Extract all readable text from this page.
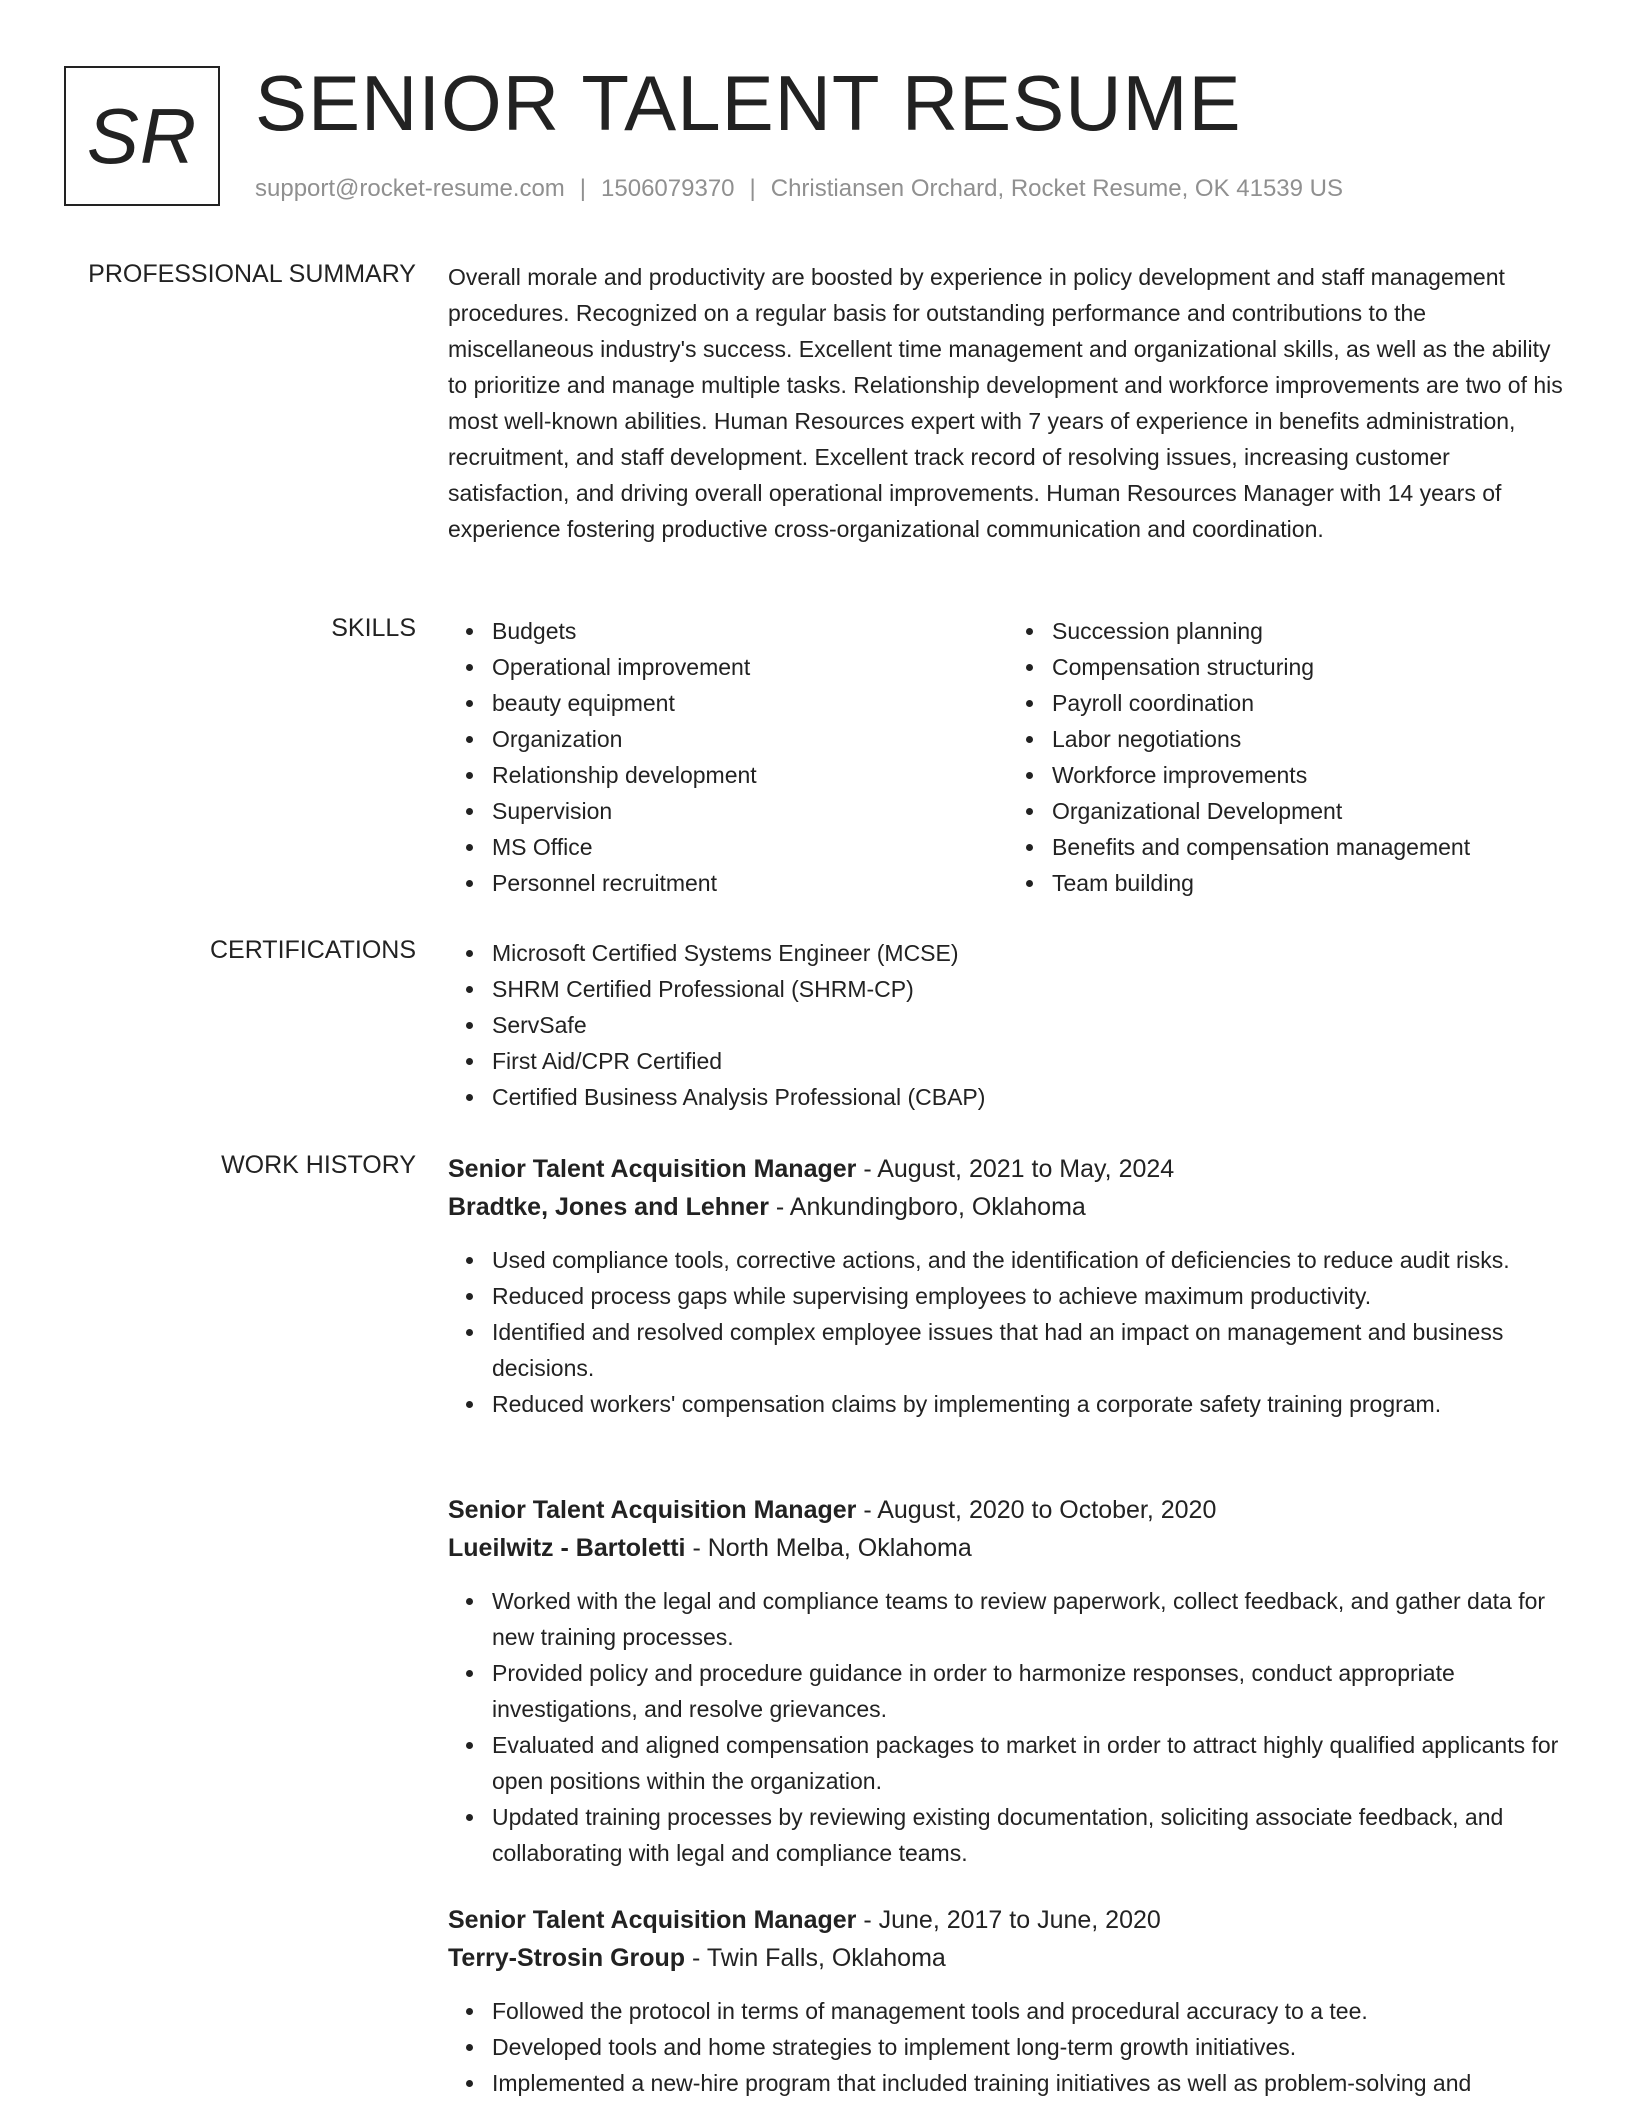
SR SENIOR TALENT RESUME
support@rocket-resume.com | 1506079370 | Christiansen Orchard, Rocket Resume, OK 41539 US
PROFESSIONAL SUMMARY Overall morale and productivity are boosted by experience in policy development and staff management procedures. Recognized on a regular basis for outstanding performance and contributions to the miscellaneous industry's success. Excellent time management and organizational skills, as well as the ability to prioritize and manage multiple tasks. Relationship development and workforce improvements are two of his most well-known abilities. Human Resources expert with 7 years of experience in benefits administration, recruitment, and staff development. Excellent track record of resolving issues, increasing customer satisfaction, and driving overall operational improvements. Human Resources Manager with 14 years of experience fostering productive cross-organizational communication and coordination.

SKILLS	Budgets
Operational improvement
beauty equipment
Organization
Relationship development
Supervision
MS Office
Personnel recruitment
Succession planning
Compensation structuring
Payroll coordination
Labor negotiations
Workforce improvements
Organizational Development
Benefits and compensation management
Team building
CERTIFICATIONS	Microsoft Certified Systems Engineer (MCSE)
SHRM Certified Professional (SHRM-CP)
ServSafe
First Aid/CPR Certified
Certified Business Analysis Professional (CBAP)
WORK HISTORY Senior Talent Acquisition Manager - August, 2021 to May, 2024
Bradtke, Jones and Lehner - Ankundingboro, Oklahoma
Used compliance tools, corrective actions, and the identification of deficiencies to reduce audit risks.
Reduced process gaps while supervising employees to achieve maximum productivity.
Identified and resolved complex employee issues that had an impact on management and business decisions.
Reduced workers' compensation claims by implementing a corporate safety training program.
Senior Talent Acquisition Manager - August, 2020 to October, 2020
Lueilwitz - Bartoletti - North Melba, Oklahoma
Worked with the legal and compliance teams to review paperwork, collect feedback, and gather data for new training processes.
Provided policy and procedure guidance in order to harmonize responses, conduct appropriate investigations, and resolve grievances.
Evaluated and aligned compensation packages to market in order to attract highly qualified applicants for open positions within the organization.
Updated training processes by reviewing existing documentation, soliciting associate feedback, and collaborating with legal and compliance teams.
Senior Talent Acquisition Manager - June, 2017 to June, 2020
Terry-Strosin Group - Twin Falls, Oklahoma
Followed the protocol in terms of management tools and procedural accuracy to a tee.
Developed tools and home strategies to implement long-term growth initiatives.
Implemented a new-hire program that included training initiatives as well as problem-solving and
